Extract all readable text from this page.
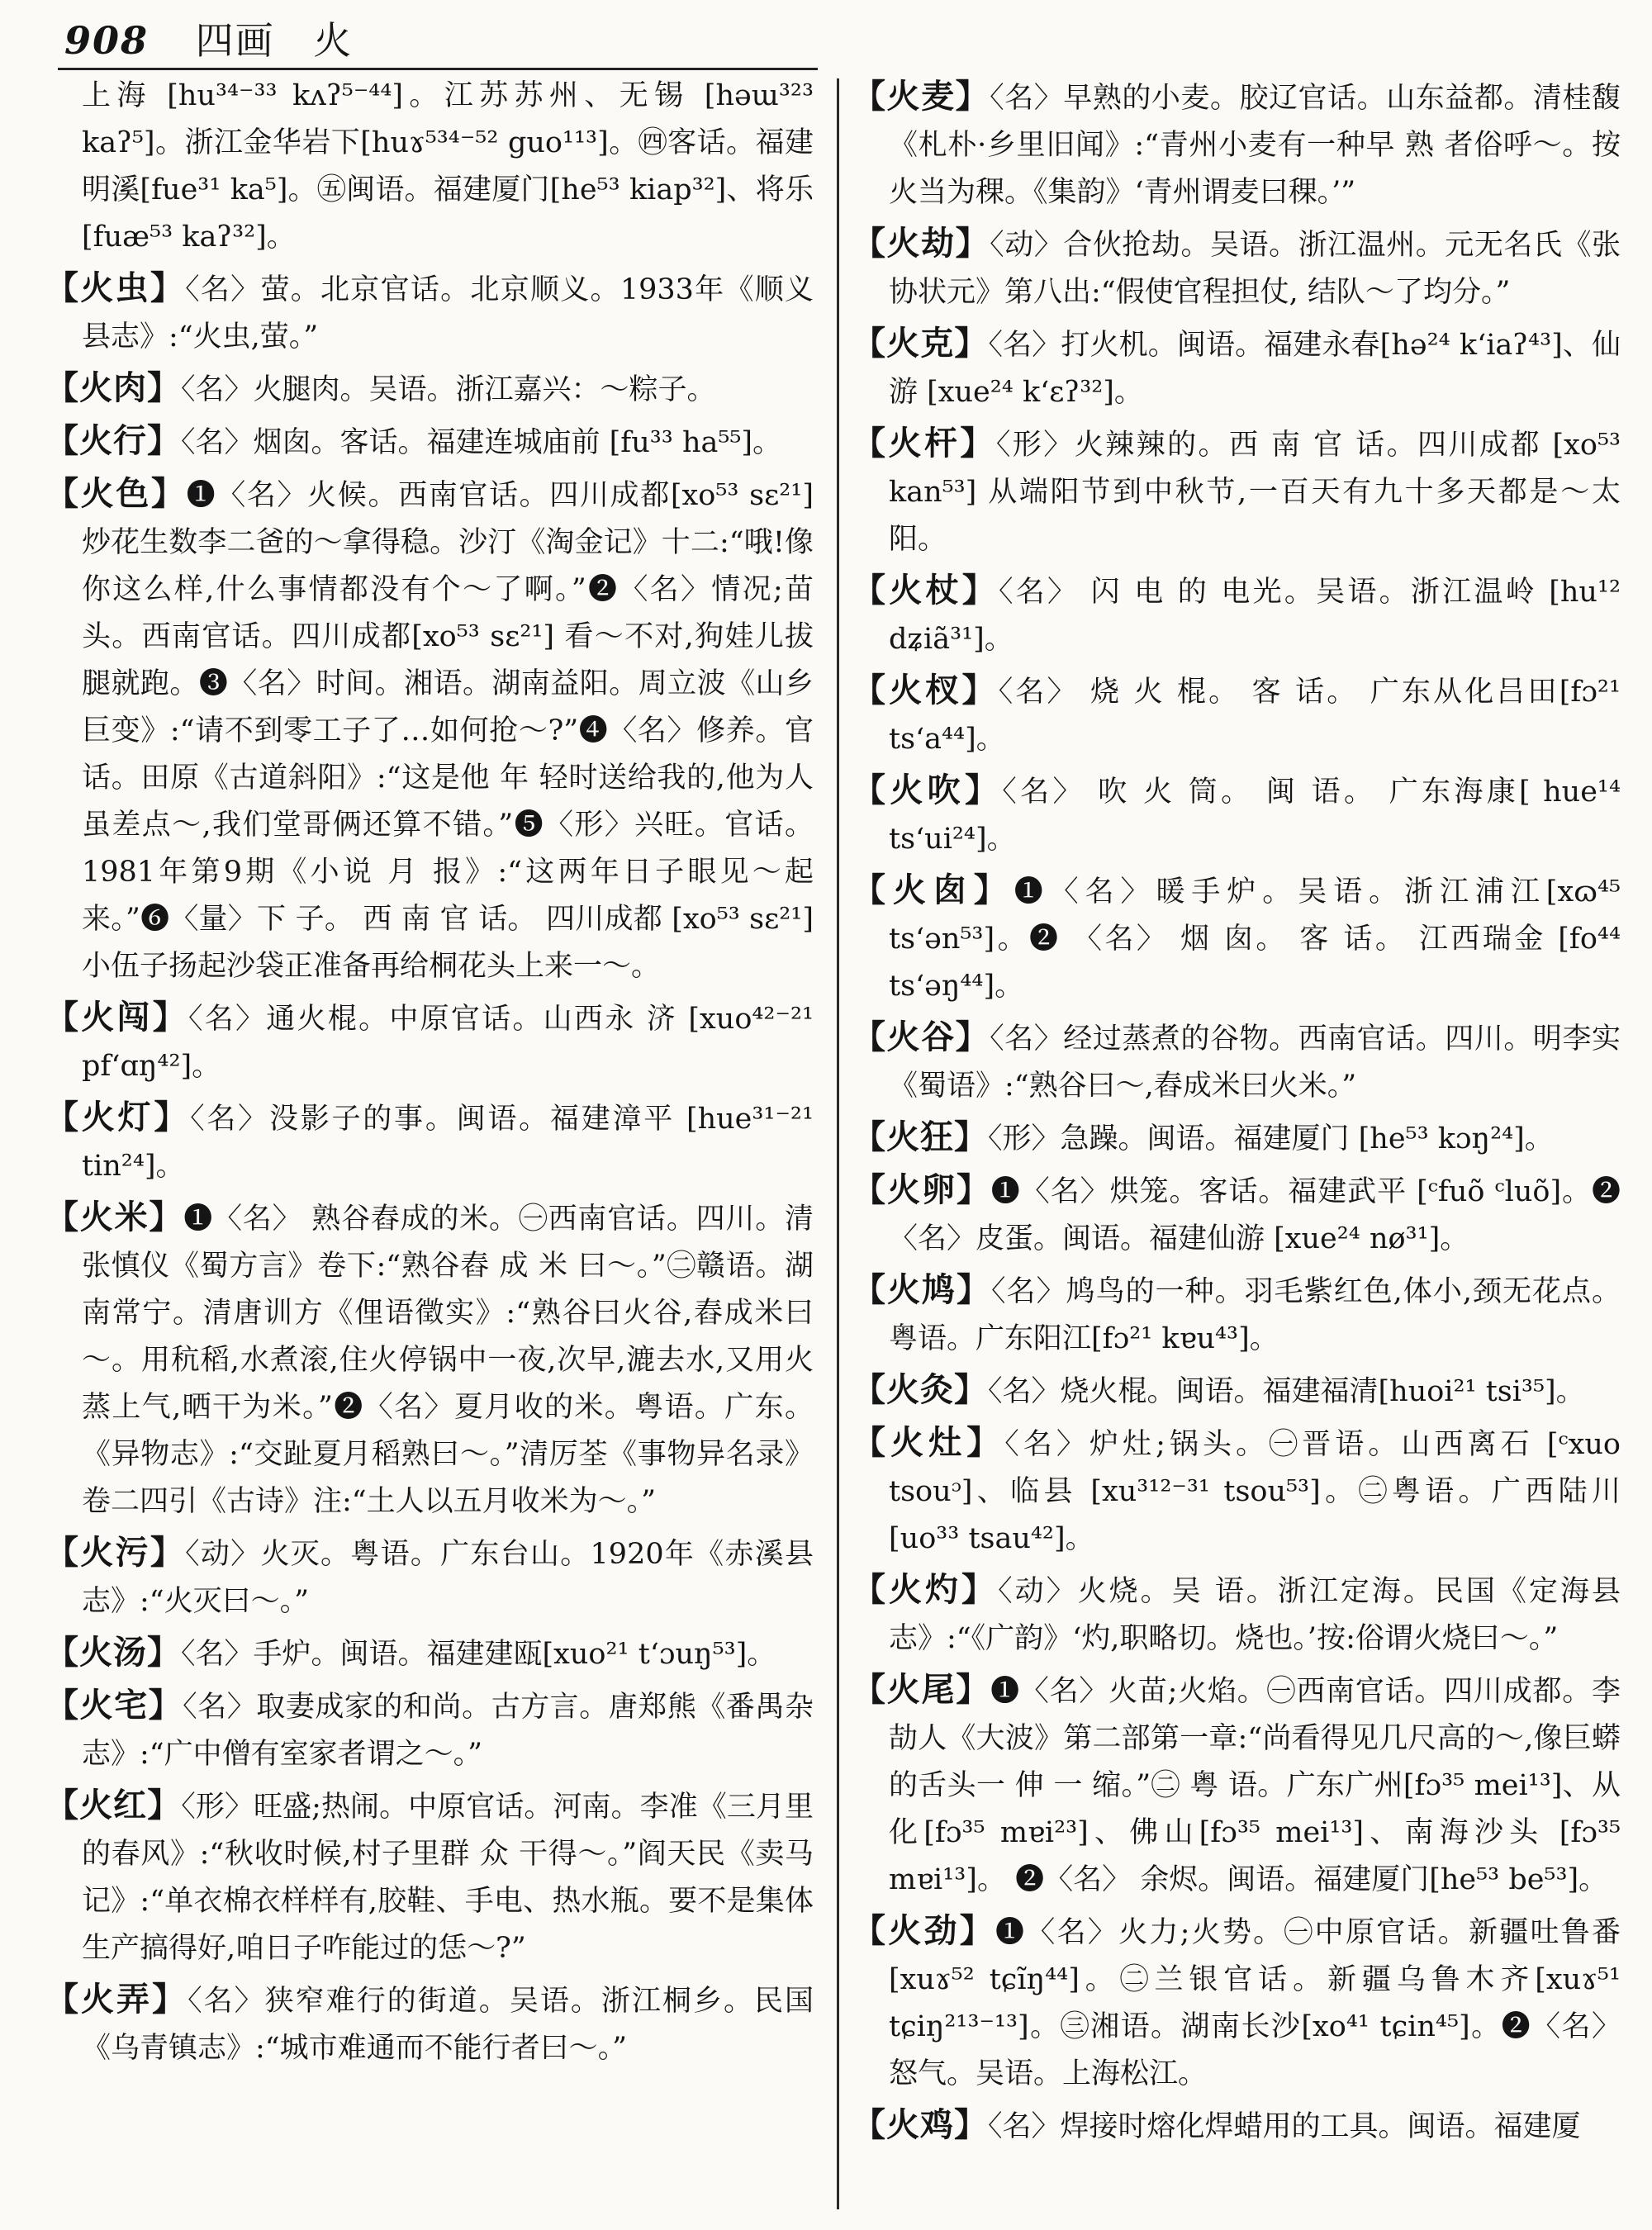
908 四画 火
上海 [hu³⁴⁻³³ kʌʔ⁵⁻⁴⁴]。江苏苏州、无锡 [həɯ³²³ kaʔ⁵]。浙江金华岩下[huɤ⁵³⁴⁻⁵² guo¹¹³]。㊃客话。福建明溪[fue³¹ ka⁵]。㊄闽语。福建厦门[he⁵³ kiap³²]、将乐 [fuæ⁵³ kaʔ³²]。
【火虫】〈名〉萤。北京官话。北京顺义。1933年《顺义县志》:“火虫,萤。”
【火肉】〈名〉火腿肉。吴语。浙江嘉兴：～粽子。
【火行】〈名〉烟囱。客话。福建连城庙前 [fu³³ ha⁵⁵]。
【火色】❶〈名〉火候。西南官话。四川成都[xo⁵³ sɛ²¹] 炒花生数李二爸的～拿得稳。沙汀《淘金记》十二:“哦!像你这么样,什么事情都没有个～了啊。”❷〈名〉情况;苗头。西南官话。四川成都[xo⁵³ sɛ²¹] 看～不对,狗娃儿拔腿就跑。❸〈名〉时间。湘语。湖南益阳。周立波《山乡巨变》:“请不到零工子了…如何抢～?”❹〈名〉修养。官话。田原《古道斜阳》:“这是他 年 轻时送给我的,他为人虽差点～,我们堂哥俩还算不错。”❺〈形〉兴旺。官话。1981年第9期《小说 月 报》:“这两年日子眼见～起来。”❻〈量〉下 子。 西 南 官 话。 四川成都 [xo⁵³ sɛ²¹] 小伍子扬起沙袋正准备再给桐花头上来一～。
【火闯】〈名〉通火棍。中原官话。山西永 济 [xuo⁴²⁻²¹ pfʻɑŋ⁴²]。
【火灯】〈名〉没影子的事。闽语。福建漳平 [hue³¹⁻²¹ tin²⁴]。
【火米】❶〈名〉 熟谷舂成的米。㊀西南官话。四川。清张慎仪《蜀方言》卷下:“熟谷舂 成 米 曰～。”㊁赣语。湖南常宁。清唐训方《俚语徵实》:“熟谷曰火谷,舂成米曰～。用秔稻,水煮滚,住火停锅中一夜,次早,漉去水,又用火蒸上气,晒干为米。”❷〈名〉夏月收的米。粤语。广东。《异物志》:“交趾夏月稻熟曰～。”清厉荃《事物异名录》卷二四引《古诗》注:“土人以五月收米为～。”
【火污】〈动〉火灭。粤语。广东台山。1920年《赤溪县志》:“火灭曰～。”
【火汤】〈名〉手炉。闽语。福建建瓯[xuo²¹ tʻɔuŋ⁵³]。
【火宅】〈名〉取妻成家的和尚。古方言。唐郑熊《番禺杂志》:“广中僧有室家者谓之～。”
【火红】〈形〉旺盛;热闹。中原官话。河南。李准《三月里的春风》:“秋收时候,村子里群 众 干得～。”阎天民《卖马记》:“单衣棉衣样样有,胶鞋、手电、热水瓶。要不是集体生产搞得好,咱日子咋能过的恁～?”
【火弄】〈名〉狭窄难行的街道。吴语。浙江桐乡。民国《乌青镇志》:“城市难通而不能行者曰～。”
【火麦】〈名〉早熟的小麦。胶辽官话。山东益都。清桂馥《札朴·乡里旧闻》:“青州小麦有一种早 熟 者俗呼～。按火当为稞。《集韵》‘青州谓麦曰稞。’”
【火劫】〈动〉合伙抢劫。吴语。浙江温州。元无名氏《张协状元》第八出:“假使官程担仗, 结队～了均分。”
【火克】〈名〉打火机。闽语。福建永春[hə²⁴ kʻiaʔ⁴³]、仙游 [xue²⁴ kʻɛʔ³²]。
【火杆】〈形〉火辣辣的。西 南 官 话。四川成都 [xo⁵³ kan⁵³] 从端阳节到中秋节,一百天有九十多天都是～太阳。
【火杖】〈名〉 闪 电 的 电光。吴语。浙江温岭 [hu¹² dʑiã³¹]。
【火杈】〈名〉 烧 火 棍。 客 话。 广东从化吕田[fɔ²¹ tsʻa⁴⁴]。
【火吹】〈名〉 吹 火 筒。 闽 语。 广东海康[ hue¹⁴ tsʻui²⁴]。
【火囱】❶〈名〉暖手炉。吴语。浙江浦江[xɷ⁴⁵ tsʻən⁵³]。❷ 〈名〉 烟 囱。 客 话。 江西瑞金 [fo⁴⁴ tsʻəŋ⁴⁴]。
【火谷】〈名〉经过蒸煮的谷物。西南官话。四川。明李实《蜀语》:“熟谷曰～,舂成米曰火米。”
【火狂】〈形〉急躁。闽语。福建厦门 [he⁵³ kɔŋ²⁴]。
【火卵】❶〈名〉烘笼。客话。福建武平 [ᶜfuõ ᶜluõ]。❷〈名〉皮蛋。闽语。福建仙游 [xue²⁴ nø³¹]。
【火鸠】〈名〉鸠鸟的一种。羽毛紫红色,体小,颈无花点。粤语。广东阳江[fɔ²¹ kɐu⁴³]。
【火灸】〈名〉烧火棍。闽语。福建福清[huoi²¹ tsi³⁵]。
【火灶】〈名〉炉灶;锅头。㊀晋语。山西离石 [ᶜxuo tsouᵓ]、临县 [xu³¹²⁻³¹ tsou⁵³]。㊁粤语。广西陆川[uo³³ tsau⁴²]。
【火灼】〈动〉火烧。吴 语。浙江定海。民国《定海县志》:“《广韵》‘灼,职略切。烧也。’按:俗谓火烧曰～。”
【火尾】❶〈名〉火苗;火焰。㊀西南官话。四川成都。李劼人《大波》第二部第一章:“尚看得见几尺高的～,像巨蟒的舌头一 伸 一 缩。”㊁ 粤 语。广东广州[fɔ³⁵ mei¹³]、从化[fɔ³⁵ mɐi²³]、佛山[fɔ³⁵ mei¹³]、南海沙头 [fɔ³⁵ mɐi¹³]。 ❷〈名〉 余烬。闽语。福建厦门[he⁵³ be⁵³]。
【火劲】❶〈名〉火力;火势。㊀中原官话。新疆吐鲁番[xuɤ⁵² tɕĩŋ⁴⁴]。㊁兰银官话。新疆乌鲁木齐[xuɤ⁵¹ tɕiŋ²¹³⁻¹³]。㊂湘语。湖南长沙[xo⁴¹ tɕin⁴⁵]。❷〈名〉怒气。吴语。上海松江。
【火鸡】〈名〉焊接时熔化焊蜡用的工具。闽语。福建厦
